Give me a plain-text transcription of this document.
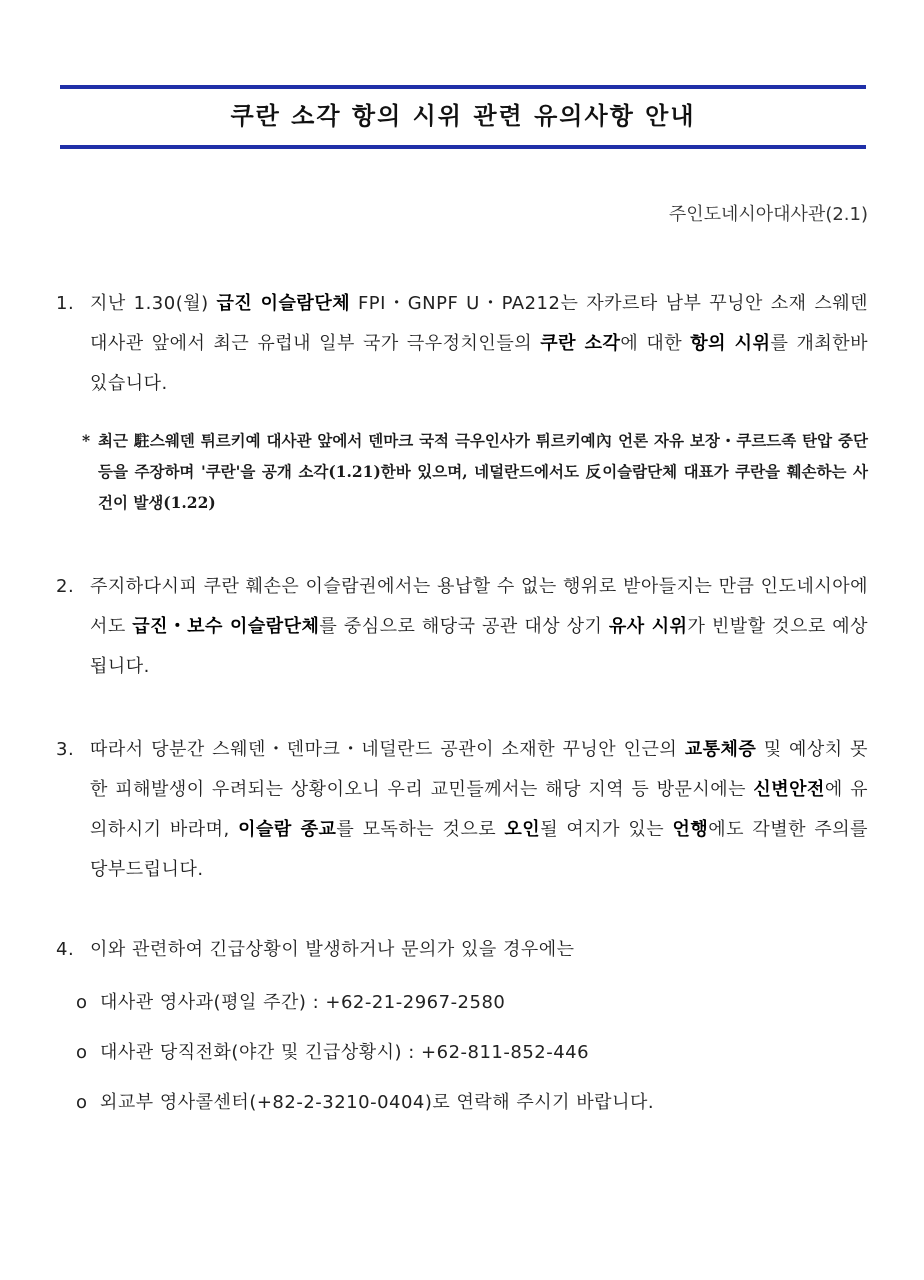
쿠란 소각 항의 시위 관련 유의사항 안내
주인도네시아대사관(2.1)
1. 지난 1.30(월) 급진 이슬람단체 FPI・GNPF U・PA212는 자카르타 남부 꾸닝안 소재 스웨덴 대사관 앞에서 최근 유럽내 일부 국가 극우정치인들의 쿠란 소각에 대한 항의 시위를 개최한바 있습니다.
* 최근 駐스웨덴 튀르키예 대사관 앞에서 덴마크 국적 극우인사가 튀르키예內 언론 자유 보장・쿠르드족 탄압 중단 등을 주장하며 '쿠란'을 공개 소각(1.21)한바 있으며, 네덜란드에서도 反이슬람단체 대표가 쿠란을 훼손하는 사건이 발생(1.22)
2. 주지하다시피 쿠란 훼손은 이슬람권에서는 용납할 수 없는 행위로 받아들지는 만큼 인도네시아에서도 급진・보수 이슬람단체를 중심으로 해당국 공관 대상 상기 유사 시위가 빈발할 것으로 예상됩니다.
3. 따라서 당분간 스웨덴・덴마크・네덜란드 공관이 소재한 꾸닝안 인근의 교통체증 및 예상치 못한 피해발생이 우려되는 상황이오니 우리 교민들께서는 해당 지역 등 방문시에는 신변안전에 유의하시기 바라며, 이슬람 종교를 모독하는 것으로 오인될 여지가 있는 언행에도 각별한 주의를 당부드립니다.
4. 이와 관련하여 긴급상황이 발생하거나 문의가 있을 경우에는
o 대사관 영사과(평일 주간) : +62-21-2967-2580
o 대사관 당직전화(야간 및 긴급상황시) : +62-811-852-446
o 외교부 영사콜센터(+82-2-3210-0404)로 연락해 주시기 바랍니다.
